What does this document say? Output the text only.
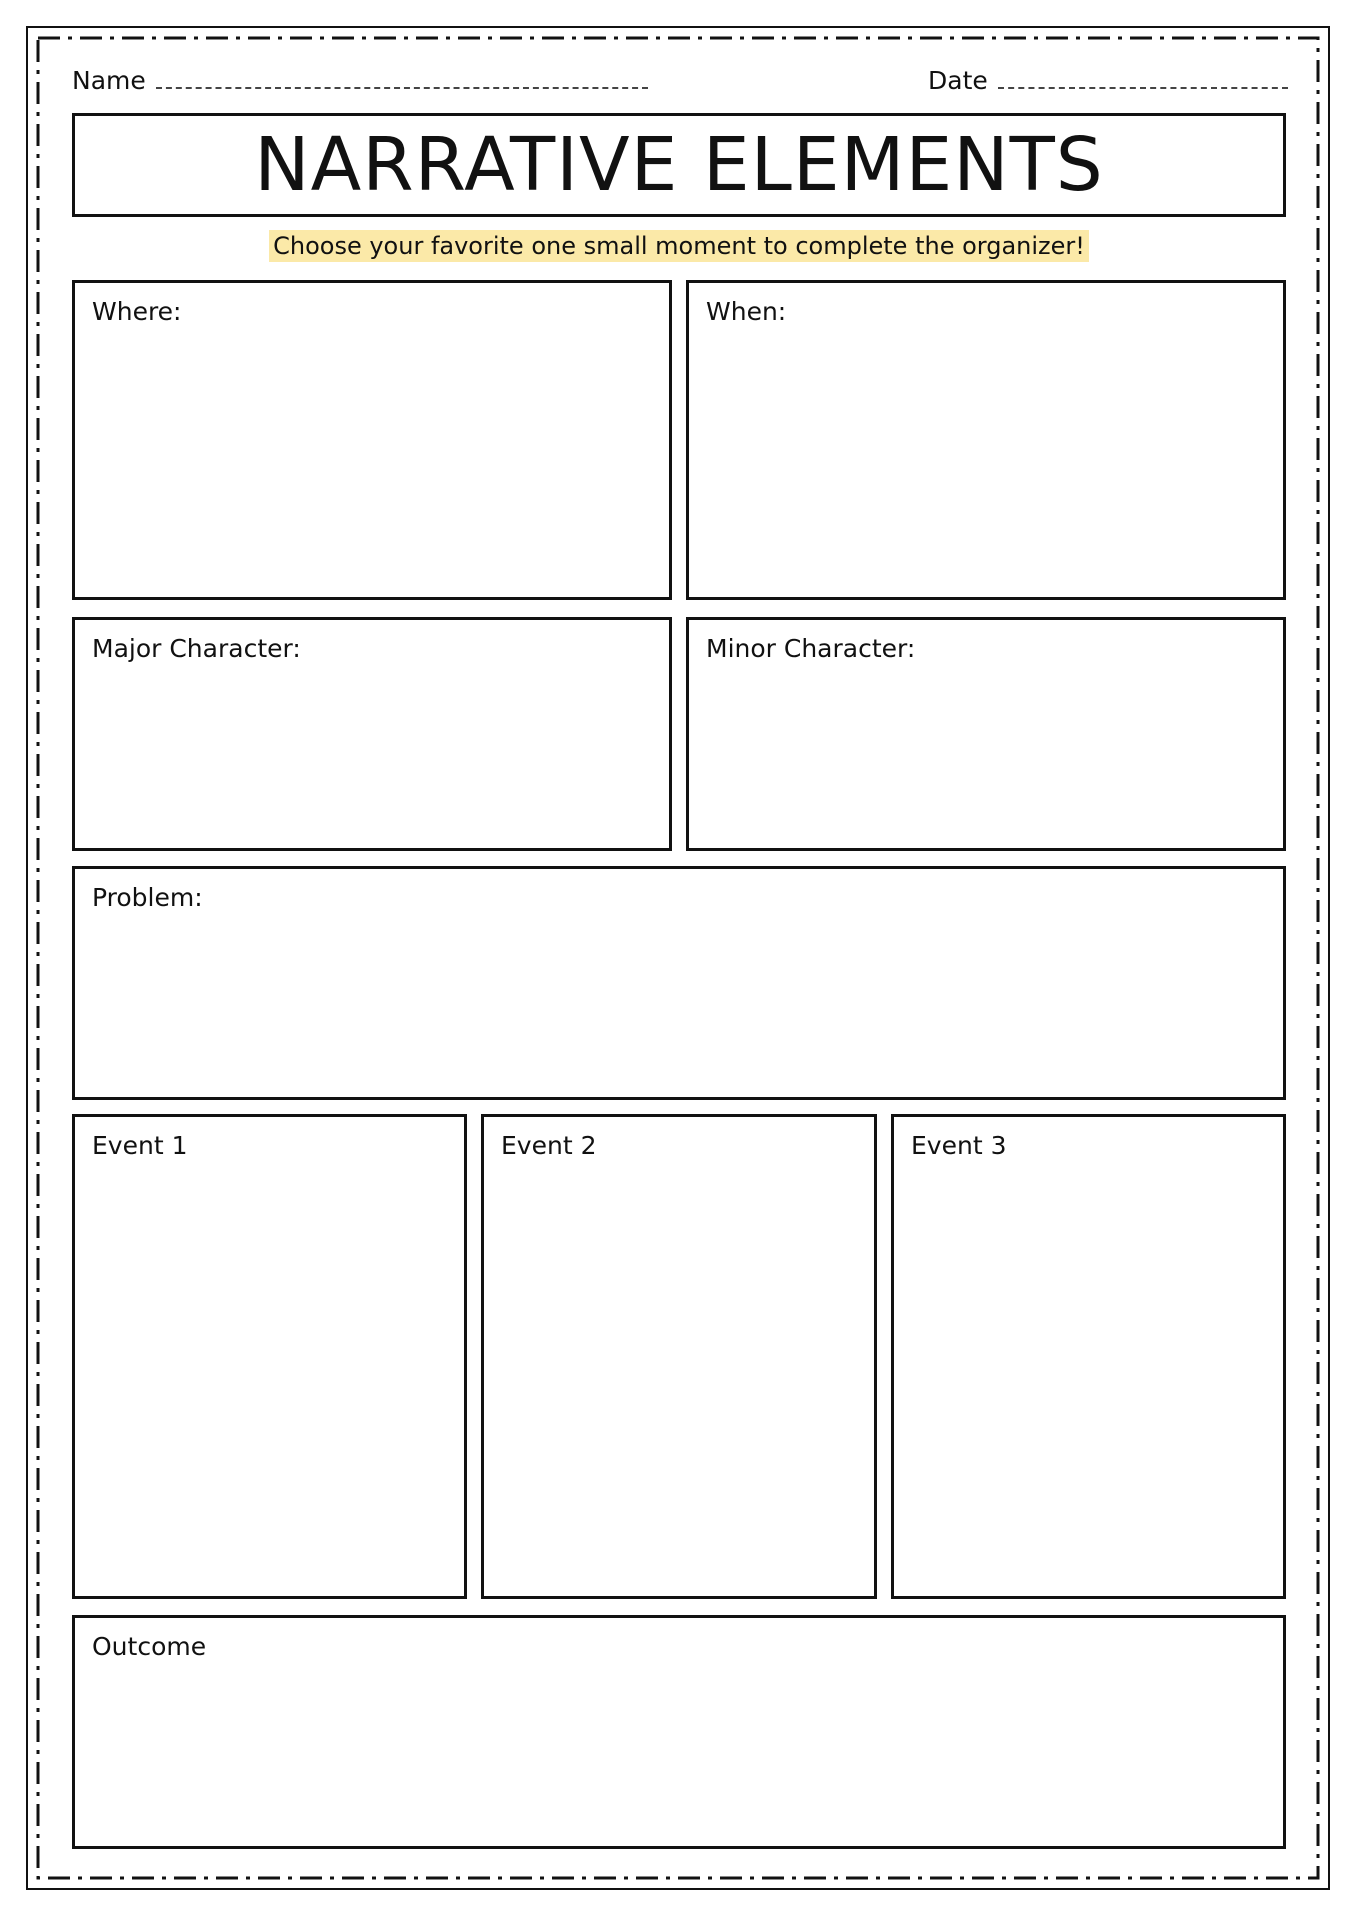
Name	Date
NARRATIVE ELEMENTS
Choose your favorite one small moment to complete the organizer!
Where:	When:
Major Character:	Minor Character:
Problem:
Event 1	Event 2	Event 3
Outcome
